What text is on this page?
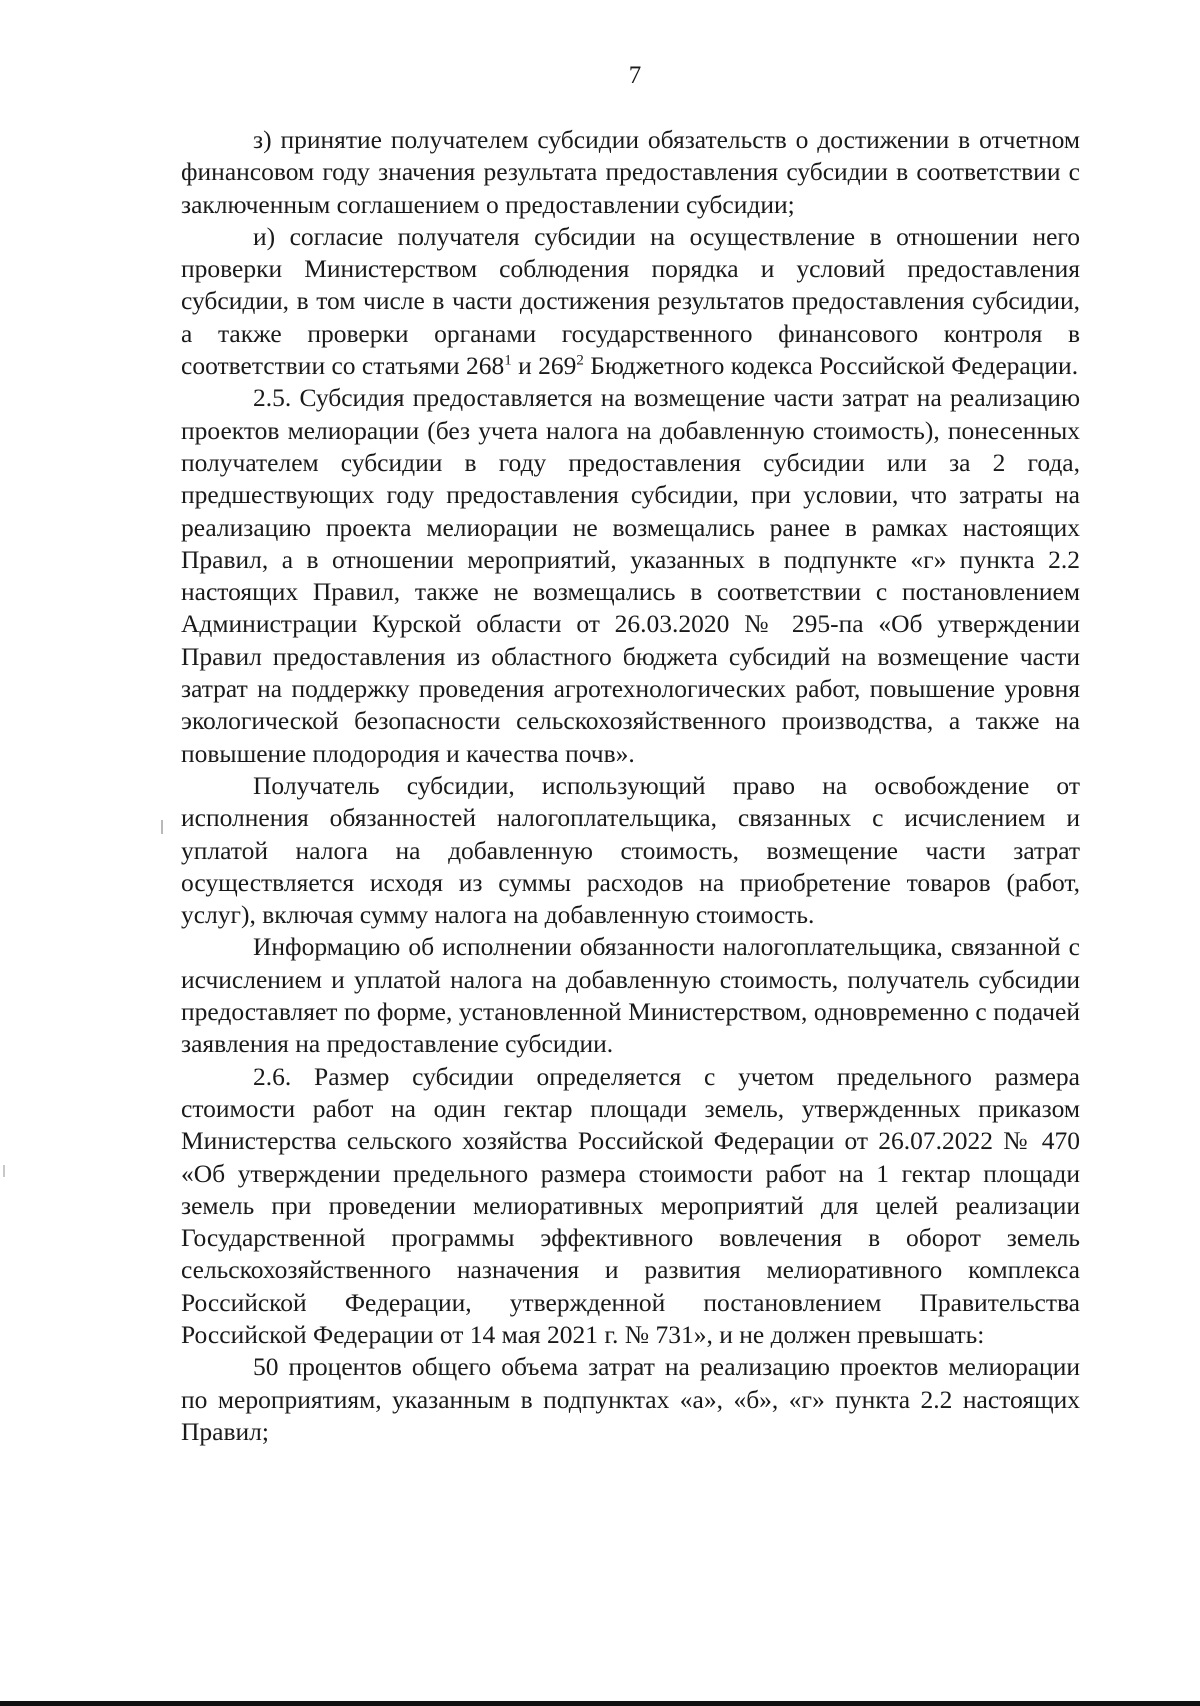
7

з) принятие получателем субсидии обязательств о достижении в отчетном финансовом году значения результата предоставления субсидии в соответствии с заключенным соглашением о предоставлении субсидии;

и) согласие получателя субсидии на осуществление в отношении него проверки Министерством соблюдения порядка и условий предоставления субсидии, в том числе в части достижения результатов предоставления субсидии, а также проверки органами государственного финансового контроля в соответствии со статьями $268^1$ и $269^2$ Бюджетного кодекса Российской Федерации.

2.5. Субсидия предоставляется на возмещение части затрат на реализацию проектов мелиорации (без учета налога на добавленную стоимость), понесенных получателем субсидии в году предоставления субсидии или за 2 года, предшествующих году предоставления субсидии, при условии, что затраты на реализацию проекта мелиорации не возмещались ранее в рамках настоящих Правил, а в отношении мероприятий, указанных в подпункте «г» пункта 2.2 настоящих Правил, также не возмещались в соответствии с постановлением Администрации Курской области от 26.03.2020 № 295-па «Об утверждении Правил предоставления из областного бюджета субсидий на возмещение части затрат на поддержку проведения агротехнологических работ, повышение уровня экологической безопасности сельскохозяйственного производства, а также на повышение плодородия и качества почв».

Получатель субсидии, использующий право на освобождение от исполнения обязанностей налогоплательщика, связанных с исчислением и уплатой налога на добавленную стоимость, возмещение части затрат осуществляется исходя из суммы расходов на приобретение товаров (работ, услуг), включая сумму налога на добавленную стоимость.

Информацию об исполнении обязанности налогоплательщика, связанной с исчислением и уплатой налога на добавленную стоимость, получатель субсидии предоставляет по форме, установленной Министерством, одновременно с подачей заявления на предоставление субсидии.

2.6. Размер субсидии определяется с учетом предельного размера стоимости работ на один гектар площади земель, утвержденных приказом Министерства сельского хозяйства Российской Федерации от 26.07.2022 № 470 «Об утверждении предельного размера стоимости работ на 1 гектар площади земель при проведении мелиоративных мероприятий для целей реализации Государственной программы эффективного вовлечения в оборот земель сельскохозяйственного назначения и развития мелиоративного комплекса Российской Федерации, утвержденной постановлением Правительства Российской Федерации от 14 мая 2021 г. № 731», и не должен превышать:

50 процентов общего объема затрат на реализацию проектов мелиорации по мероприятиям, указанным в подпунктах «а», «б», «г» пункта 2.2 настоящих Правил;
